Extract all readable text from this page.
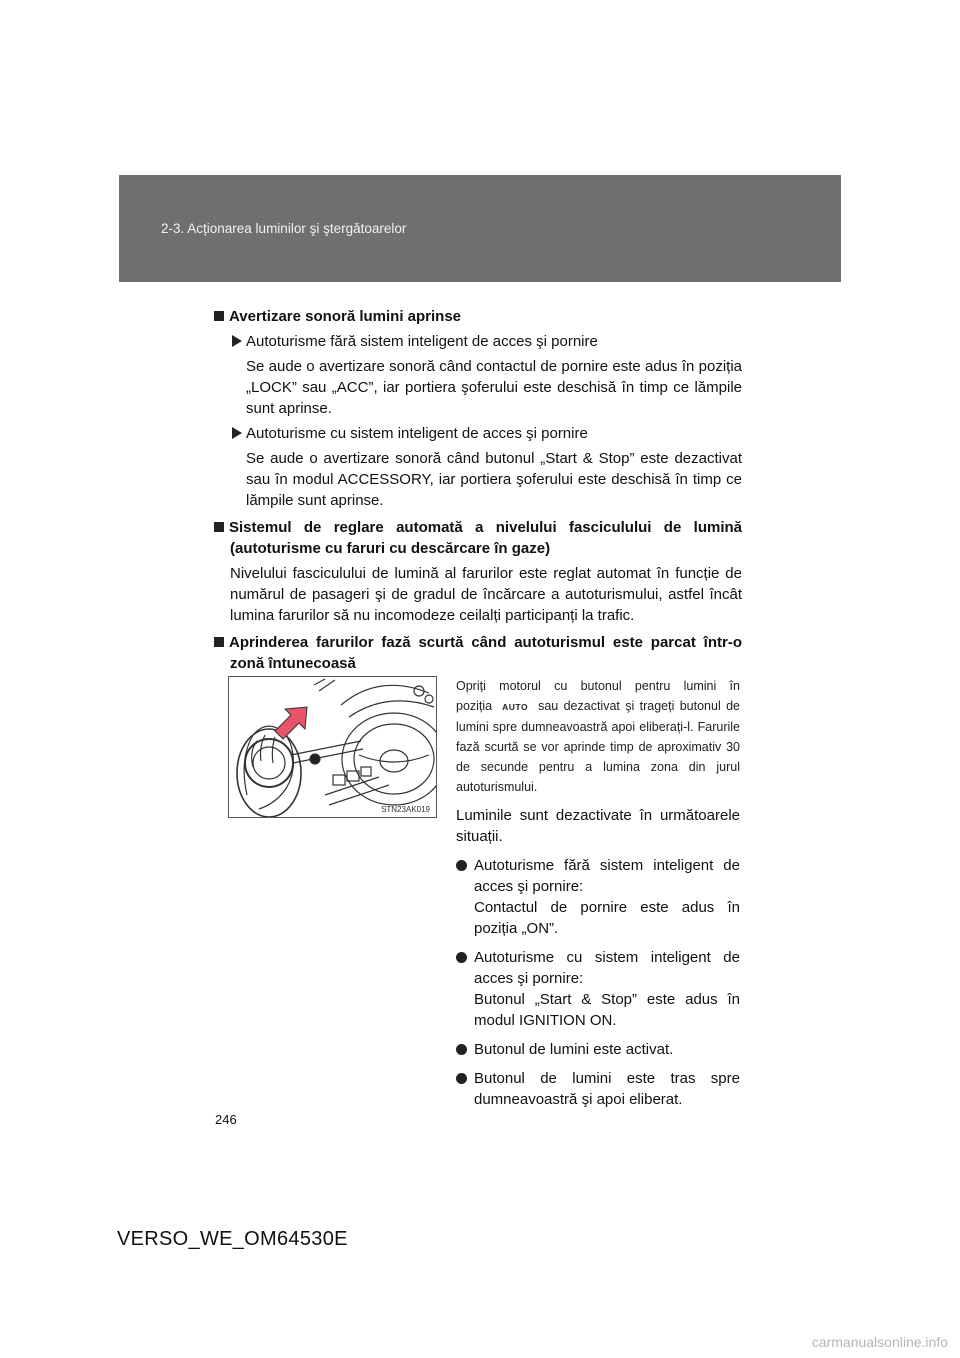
2-3. Acționarea luminilor şi ştergătoarelor
Avertizare sonoră lumini aprinse
Autoturisme fără sistem inteligent de acces şi pornire
Se aude o avertizare sonoră când contactul de pornire este adus în poziția „LOCK” sau „ACC”, iar portiera şoferului este deschisă în timp ce lămpile sunt aprinse.
Autoturisme cu sistem inteligent de acces şi pornire
Se aude o avertizare sonoră când butonul „Start & Stop” este dezactivat sau în modul ACCESSORY, iar portiera şoferului este deschisă în timp ce lămpile sunt aprinse.
Sistemul de reglare automată a nivelului fasciculului de lumină (autoturisme cu faruri cu descărcare în gaze)
Nivelului fasciculului de lumină al farurilor este reglat automat în funcție de numărul de pasageri şi de gradul de încărcare a autoturismului, astfel încât lumina farurilor să nu incomodeze ceilalți participanți la trafic.
Aprinderea farurilor fază scurtă când autoturismul este parcat într-o zonă întunecoasă
STN23AK019
Opriți motorul cu butonul pentru lumini în poziția AUTO sau dezactivat şi trageți butonul de lumini spre dumneavoastră apoi eliberați-l. Farurile fază scurtă se vor aprinde timp de aproximativ 30 de secunde pentru a lumina zona din jurul autoturismului.
Luminile sunt dezactivate în următoarele situații.
Autoturisme fără sistem inteligent de acces şi pornire:
Contactul de pornire este adus în poziția „ON”.
Autoturisme cu sistem inteligent de acces şi pornire:
Butonul „Start & Stop” este adus în modul IGNITION ON.
Butonul de lumini este activat.
Butonul de lumini este tras spre dumneavoastră şi apoi eliberat.
246
VERSO_WE_OM64530E
carmanualsonline.info
